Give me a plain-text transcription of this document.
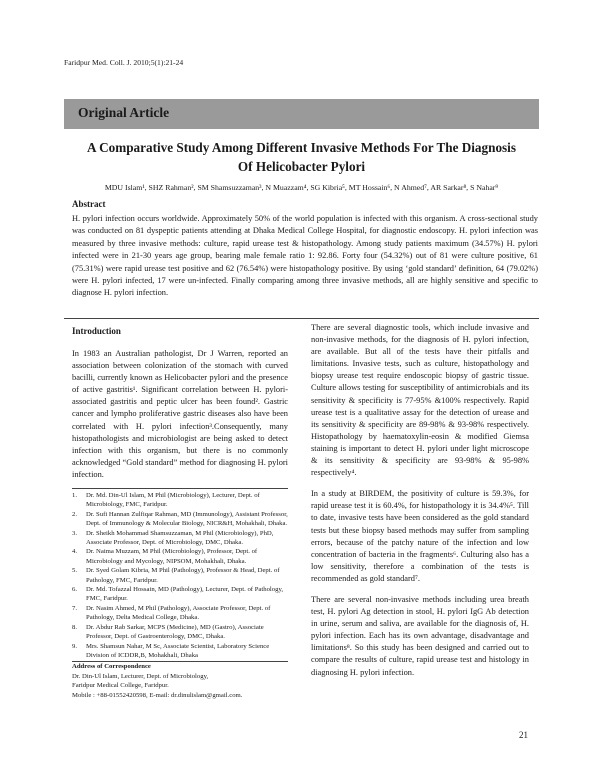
Faridpur Med. Coll. J. 2010;5(1):21-24
Original Article
A Comparative Study Among Different Invasive Methods For The Diagnosis
Of Helicobacter Pylori
MDU Islam¹, SHZ Rahman², SM Shamsuzzaman³, N Muazzam⁴, SG Kibria⁵, MT Hossain⁶, N Ahmed⁷, AR Sarkar⁸, S Nahar⁹
Abstract
H. pylori infection occurs worldwide. Approximately 50% of the world population is infected with this organism. A cross-sectional study was conducted on 81 dyspeptic patients attending at Dhaka Medical College Hospital, for diagnostic endoscopy. H. pylori infection was measured by three invasive methods: culture, rapid urease test & histopathology. Among study patients maximum (34.57%) H. pylori infected were in 21-30 years age group, bearing male female ratio 1: 92.86. Forty four (54.32%) out of 81 were culture positive, 61 (75.31%) were rapid urease test positive and 62 (76.54%) were histopathology positive. By using ‘gold standard’ definition, 64 (79.02%) were H. pylori infected, 17 were un-infected. Finally comparing among three invasive methods, all are highly sensitive and specific to diagnose H. pylori infection.
Introduction

In 1983 an Australian pathologist, Dr J Warren, reported an association between colonization of the stomach with curved bacilli, currently known as Helicobacter pylori and the presence of active gastritis¹. Significant correlation between H. pylori-associated gastritis and peptic ulcer has been found². Gastric cancer and lympho proliferative gastric diseases also have been correlated with H. pylori infection³.Consequently, many histopathologists and microbiologist are being asked to detect infection with this organism, but there is no commonly acknowledged “Gold standard” method for diagnosing H. pylori infection.

1.	Dr. Md. Din-Ul Islam, M Phil (Microbiology), Lecturer, Dept. of Microbiology, FMC, Faridpur.
2.	Dr. Sufi Hannan Zulfiqar Rahman, MD (Immunology), Assistant Professor, Dept. of Immunology & Molecular Biology, NICR&H, Mohakhali, Dhaka.
3.	Dr. Sheikh Mohammad Shamsuzzaman, M Phil (Microbiology), PhD, Associate Professor, Dept. of Microbiology, DMC, Dhaka.
4.	Dr. Naima Muzzam, M Phil (Microbiology), Professor, Dept. of Microbiology and Mycology, NIPSOM, Mohakhali, Dhaka.
5.	Dr. Syed Golam Kibria, M Phil (Pathology), Professor & Head, Dept. of Pathology, FMC, Faridpur.
6.	Dr. Md. Tofazzal Hossain, MD (Pathology), Lecturer, Dept. of Pathology, FMC, Faridpur.
7.	Dr. Nasim Ahmed, M Phil (Pathology), Associate Professor, Dept. of Pathology, Delta Medical College, Dhaka.
8.	Dr. Abdur Rab Sarkar, MCPS (Medicine), MD (Gastro), Associate Professor, Dept. of Gastroenterology, DMC, Dhaka.
9.	Mrs. Shamsun Nahar, M Sc, Associate Scientist, Laboratory Science Division of ICDDR,B, Mohakhali, Dhaka
Address of Correspondence
Dr. Din-Ul Islam, Lecturer, Dept. of Microbiology,
Faridpur Medical College, Faridpur.
Mobile : +88-01552420598, E-mail: dr.dinulislam@gmail.com.

There are several diagnostic tools, which include invasive and non-invasive methods, for the diagnosis of H. pylori infection, are available. But all of the tests have their pitfalls and limitations. Invasive tests, such as culture, histopathology and biopsy urease test require endoscopic biopsy of gastric tissue. Culture allows testing for susceptibility of antimicrobials and its sensitivity & specificity is 77-95% &100% respectively. Rapid urease test is a qualitative assay for the detection of urease and its sensitivity & specificity are 89-98% & 93-98% respectively. Histopathology by haematoxylin-eosin & modified Giemsa staining is important to detect H. pylori under light microscope & its sensitivity & specificity are 93-98% & 95-98% respectively⁴.

In a study at BIRDEM, the positivity of culture is 59.3%, for rapid urease test it is 60.4%, for histopathology it is 34.4%⁵. Till to date, invasive tests have been considered as the gold standard tests but these biopsy based methods may suffer from sampling errors, because of the patchy nature of the infection and low concentration of bacteria in the fragments⁶. Culturing also has a low sensitivity, therefore a combination of the tests is recommended as gold standard⁷.

There are several non-invasive methods including urea breath test, H. pylori Ag detection in stool, H. pylori IgG Ab detection in urine, serum and saliva, are available for the diagnosis of, H. pylori infection. Each has its own advantage, disadvantage and limitations⁸. So this study has been designed and carried out to compare the results of culture, rapid urease test and histology in diagnosing H. pylori infection.

21
